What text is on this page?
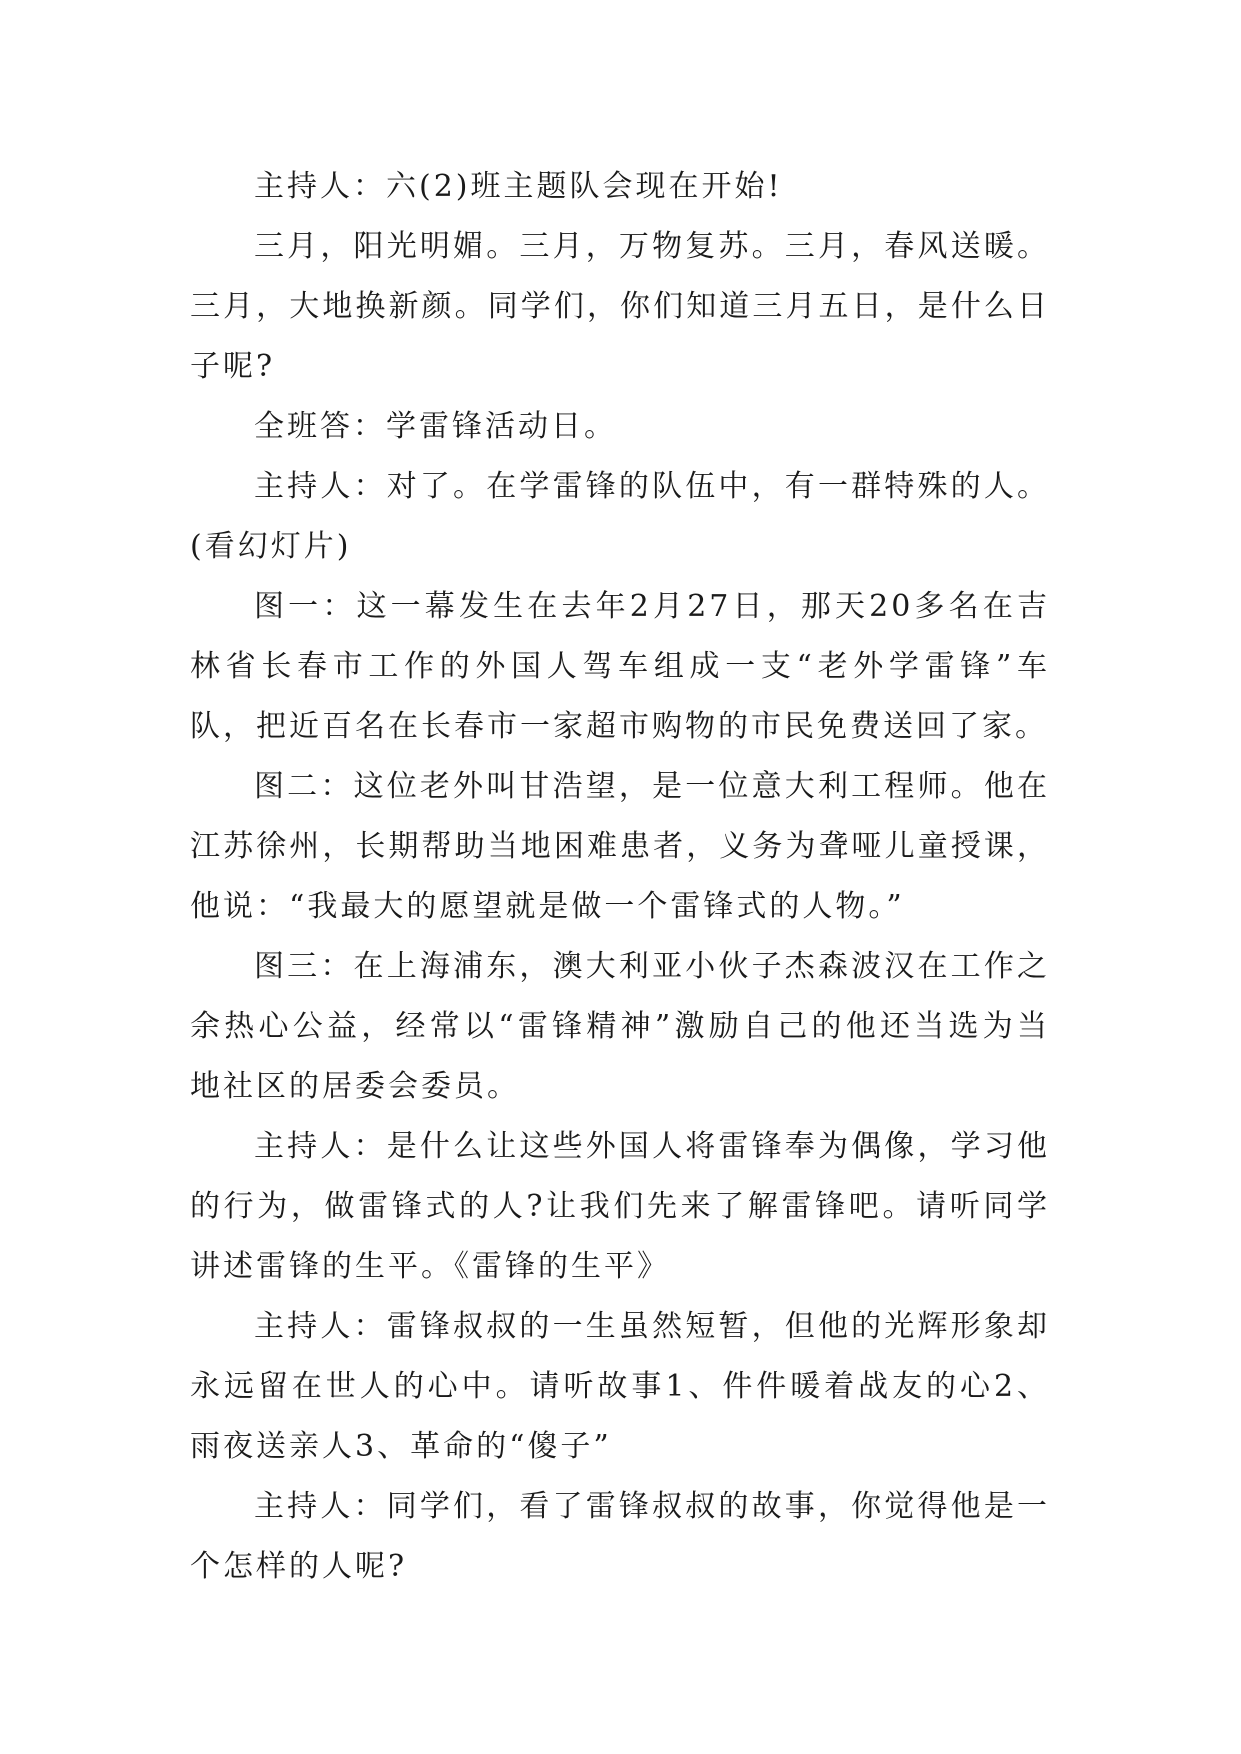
主持人：六(2)班主题队会现在开始!

三月，阳光明媚。三月，万物复苏。三月，春风送暖。三月，大地换新颜。同学们，你们知道三月五日，是什么日子呢?

全班答：学雷锋活动日。

主持人：对了。在学雷锋的队伍中，有一群特殊的人。(看幻灯片)

图一：这一幕发生在去年2月27日，那天20多名在吉林省长春市工作的外国人驾车组成一支“老外学雷锋”车队，把近百名在长春市一家超市购物的市民免费送回了家。

图二：这位老外叫甘浩望，是一位意大利工程师。他在江苏徐州，长期帮助当地困难患者，义务为聋哑儿童授课，他说：“我最大的愿望就是做一个雷锋式的人物。”

图三：在上海浦东，澳大利亚小伙子杰森波汉在工作之余热心公益，经常以“雷锋精神”激励自己的他还当选为当地社区的居委会委员。

主持人：是什么让这些外国人将雷锋奉为偶像，学习他的行为，做雷锋式的人?让我们先来了解雷锋吧。请听同学讲述雷锋的生平。《雷锋的生平》

主持人：雷锋叔叔的一生虽然短暂，但他的光辉形象却永远留在世人的心中。请听故事1、件件暖着战友的心2、雨夜送亲人3、革命的“傻子”

主持人：同学们，看了雷锋叔叔的故事，你觉得他是一个怎样的人呢?
